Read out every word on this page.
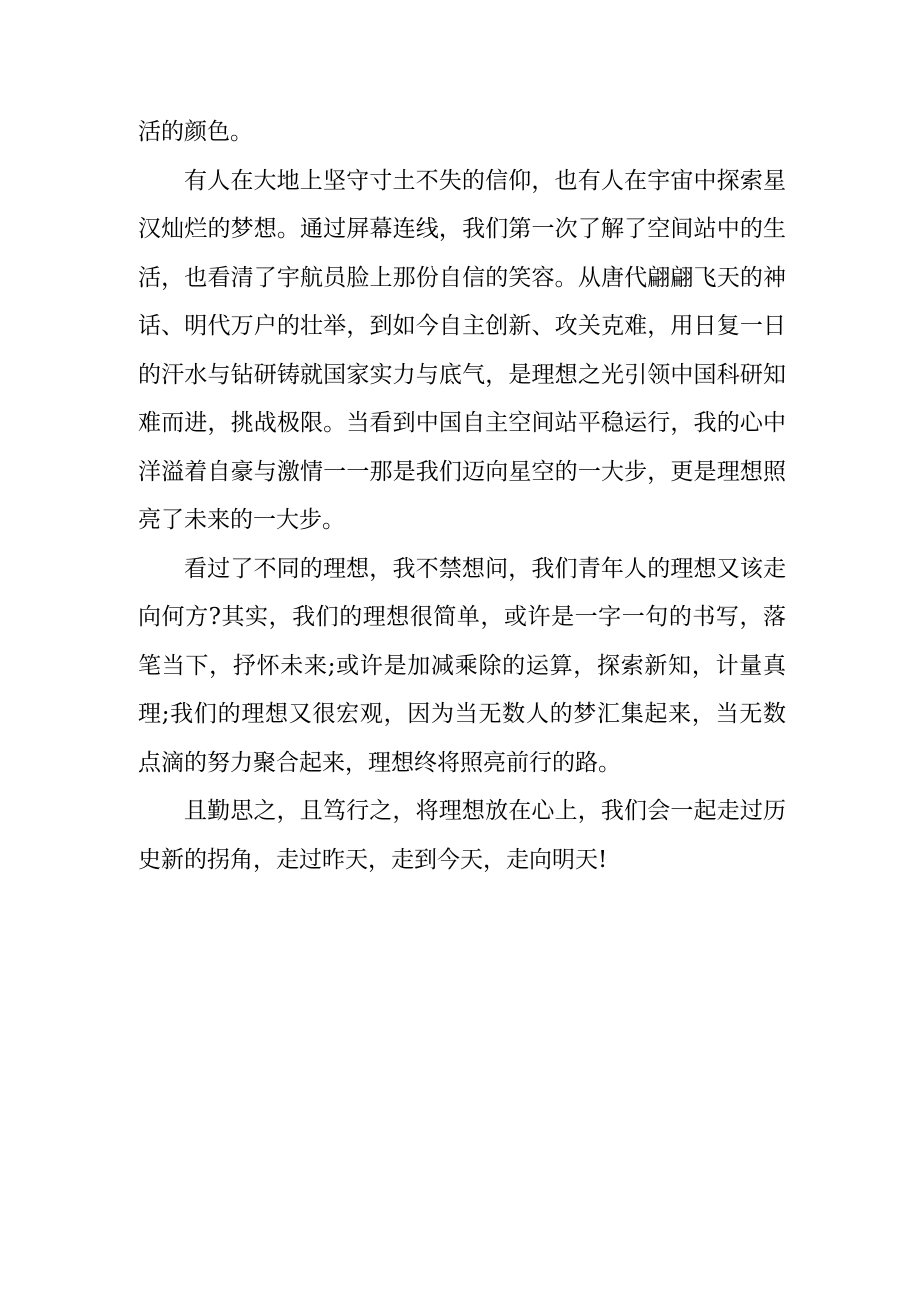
活的颜色。
有人在大地上坚守寸土不失的信仰，也有人在宇宙中探索星
汉灿烂的梦想。通过屏幕连线，我们第一次了解了空间站中的生
活，也看清了宇航员脸上那份自信的笑容。从唐代翩翩飞天的神
话、明代万户的壮举，到如今自主创新、攻关克难，用日复一日
的汗水与钻研铸就国家实力与底气，是理想之光引领中国科研知
难而进，挑战极限。当看到中国自主空间站平稳运行，我的心中
洋溢着自豪与激情一一那是我们迈向星空的一大步，更是理想照
亮了未来的一大步。
看过了不同的理想，我不禁想问，我们青年人的理想又该走
向何方?其实，我们的理想很简单，或许是一字一句的书写，落
笔当下，抒怀未来;或许是加减乘除的运算，探索新知，计量真
理;我们的理想又很宏观，因为当无数人的梦汇集起来，当无数
点滴的努力聚合起来，理想终将照亮前行的路。
且勤思之，且笃行之，将理想放在心上，我们会一起走过历
史新的拐角，走过昨天，走到今天，走向明天!
